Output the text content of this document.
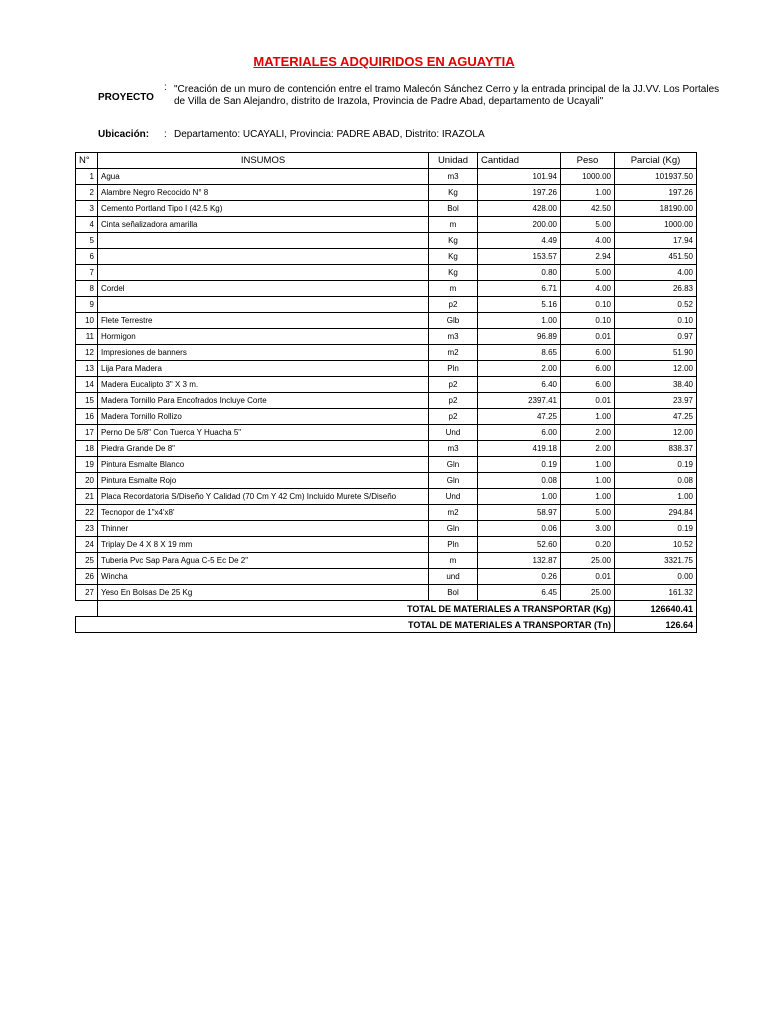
MATERIALES ADQUIRIDOS EN AGUAYTIA
PROYECTO
: "Creación de un muro de contención entre el tramo Malecón Sánchez Cerro y la entrada principal de la JJ.VV. Los Portales
de Villa de San Alejandro, distrito de Irazola, Provincia de Padre Abad, departamento de Ucayali"
Ubicación: : Departamento: UCAYALI, Provincia: PADRE ABAD, Distrito: IRAZOLA
N°	INSUMOS	Unidad	Cantidad	Peso	Parcial (Kg)
1	Agua	m3	101.94	1000.00	101937.50
2	Alambre Negro Recocido N° 8	Kg	197.26	1.00	197.26
3	Cemento Portland Tipo I (42.5 Kg)	Bol	428.00	42.50	18190.00
4	Cinta señalizadora amarilla	m	200.00	5.00	1000.00
5		Kg	4.49	4.00	17.94
6		Kg	153.57	2.94	451.50
7		Kg	0.80	5.00	4.00
8	Cordel	m	6.71	4.00	26.83
9		p2	5.16	0.10	0.52
10	Flete Terrestre	Glb	1.00	0.10	0.10
11	Hormigon	m3	96.89	0.01	0.97
12	Impresiones de banners	m2	8.65	6.00	51.90
13	Lija Para Madera	Pln	2.00	6.00	12.00
14	Madera Eucalipto 3" X 3 m.	p2	6.40	6.00	38.40
15	Madera Tornillo Para Encofrados Incluye Corte	p2	2397.41	0.01	23.97
16	Madera Tornillo Rollizo	p2	47.25	1.00	47.25
17	Perno De 5/8" Con Tuerca Y Huacha 5"	Und	6.00	2.00	12.00
18	Piedra Grande De 8"	m3	419.18	2.00	838.37
19	Pintura Esmalte Blanco	Gln	0.19	1.00	0.19
20	Pintura Esmalte Rojo	Gln	0.08	1.00	0.08
21	Placa Recordatoria S/Diseño Y Calidad (70 Cm Y 42 Cm) Incluido Murete S/Diseño	Und	1.00	1.00	1.00
22	Tecnopor de 1"x4'x8'	m2	58.97	5.00	294.84
23	Thinner	Gln	0.06	3.00	0.19
24	Triplay De 4 X 8 X 19 mm	Pln	52.60	0.20	10.52
25	Tuberia Pvc Sap Para Agua C-5 Ec De 2"	m	132.87	25.00	3321.75
26	Wincha	und	0.26	0.01	0.00
27	Yeso En Bolsas De 25 Kg	Bol	6.45	25.00	161.32
	TOTAL DE MATERIALES A TRANSPORTAR (Kg)				126640.41
TOTAL DE MATERIALES A TRANSPORTAR (Tn)					126.64
